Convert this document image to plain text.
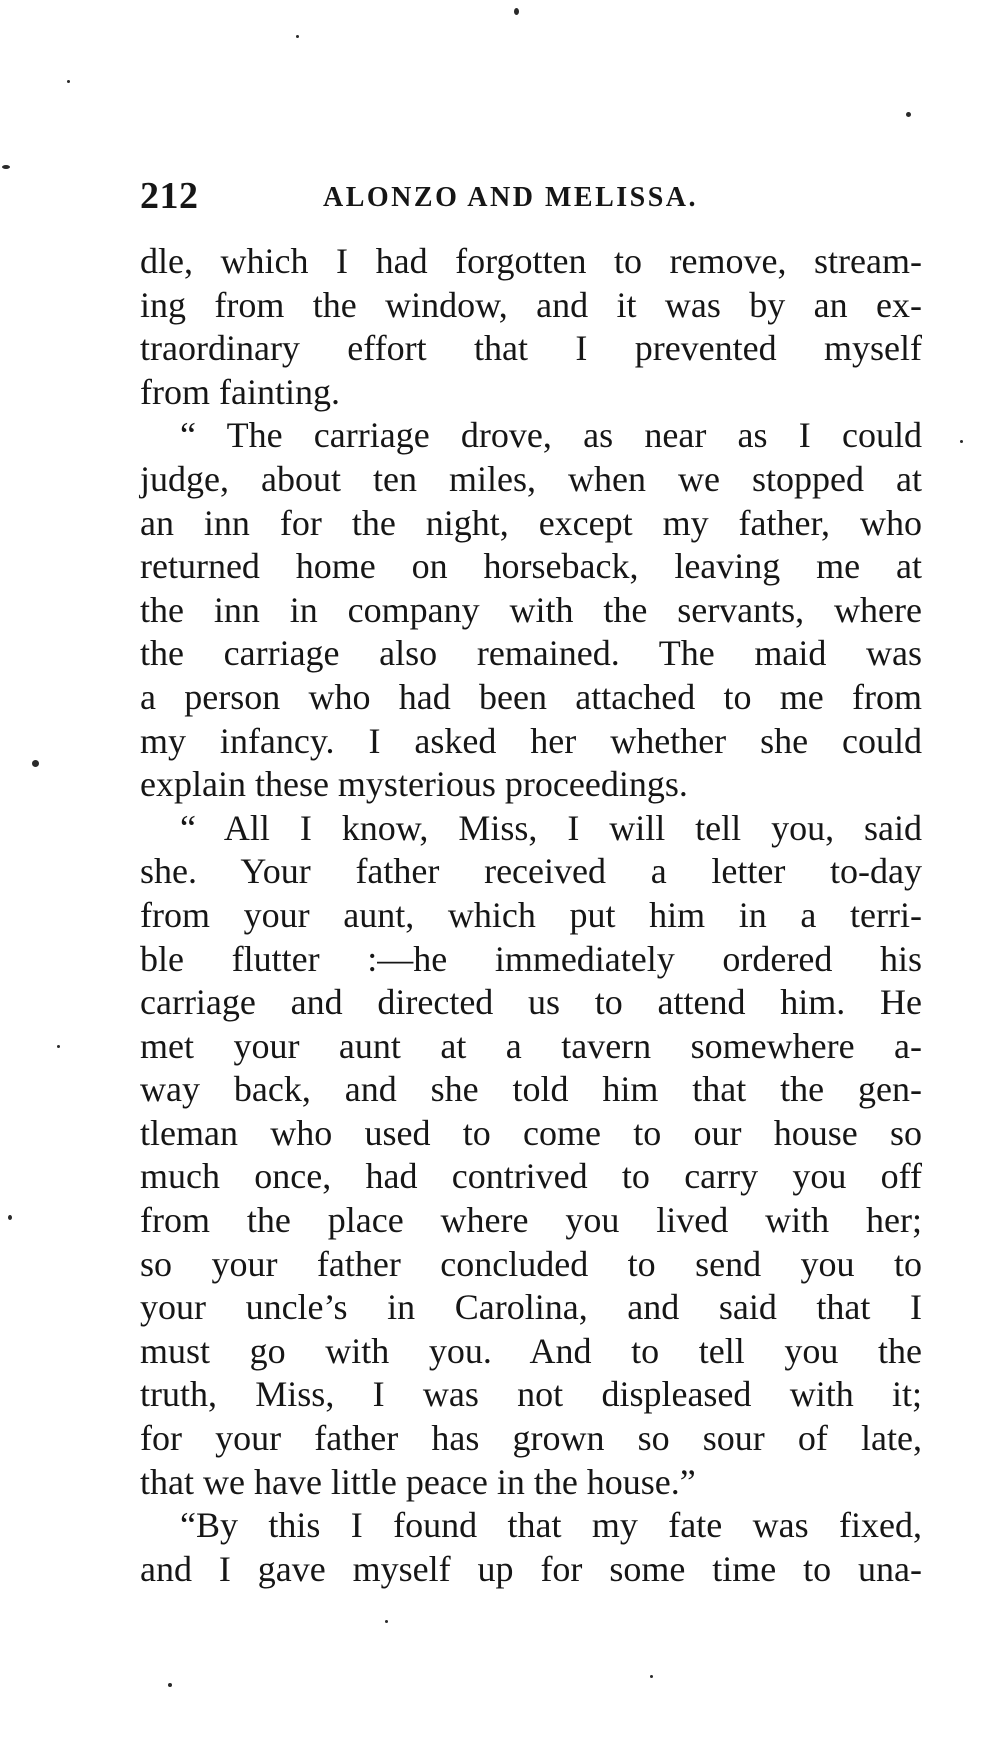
212	ALONZO AND MELISSA.
dle, which I had forgotten to remove, stream-
ing from the window, and it was by an ex-
traordinary effort that I prevented myself
from fainting.
“ The carriage drove, as near as I could
judge, about ten miles, when we stopped at
an inn for the night, except my father, who
returned home on horseback, leaving me at
the inn in company with the servants, where
the carriage also remained. The maid was
a person who had been attached to me from
my infancy. I asked her whether she could
explain these mysterious proceedings.
“ All I know, Miss, I will tell you, said
she. Your father received a letter to-day
from your aunt, which put him in a terri-
ble flutter :—he immediately ordered his
carriage and directed us to attend him. He
met your aunt at a tavern somewhere a-
way back, and she told him that the gen-
tleman who used to come to our house so
much once, had contrived to carry you off
from the place where you lived with her;
so your father concluded to send you to
your uncle’s in Carolina, and said that I
must go with you. And to tell you the
truth, Miss, I was not displeased with it;
for your father has grown so sour of late,
that we have little peace in the house.”
“By this I found that my fate was fixed,
and I gave myself up for some time to una-
